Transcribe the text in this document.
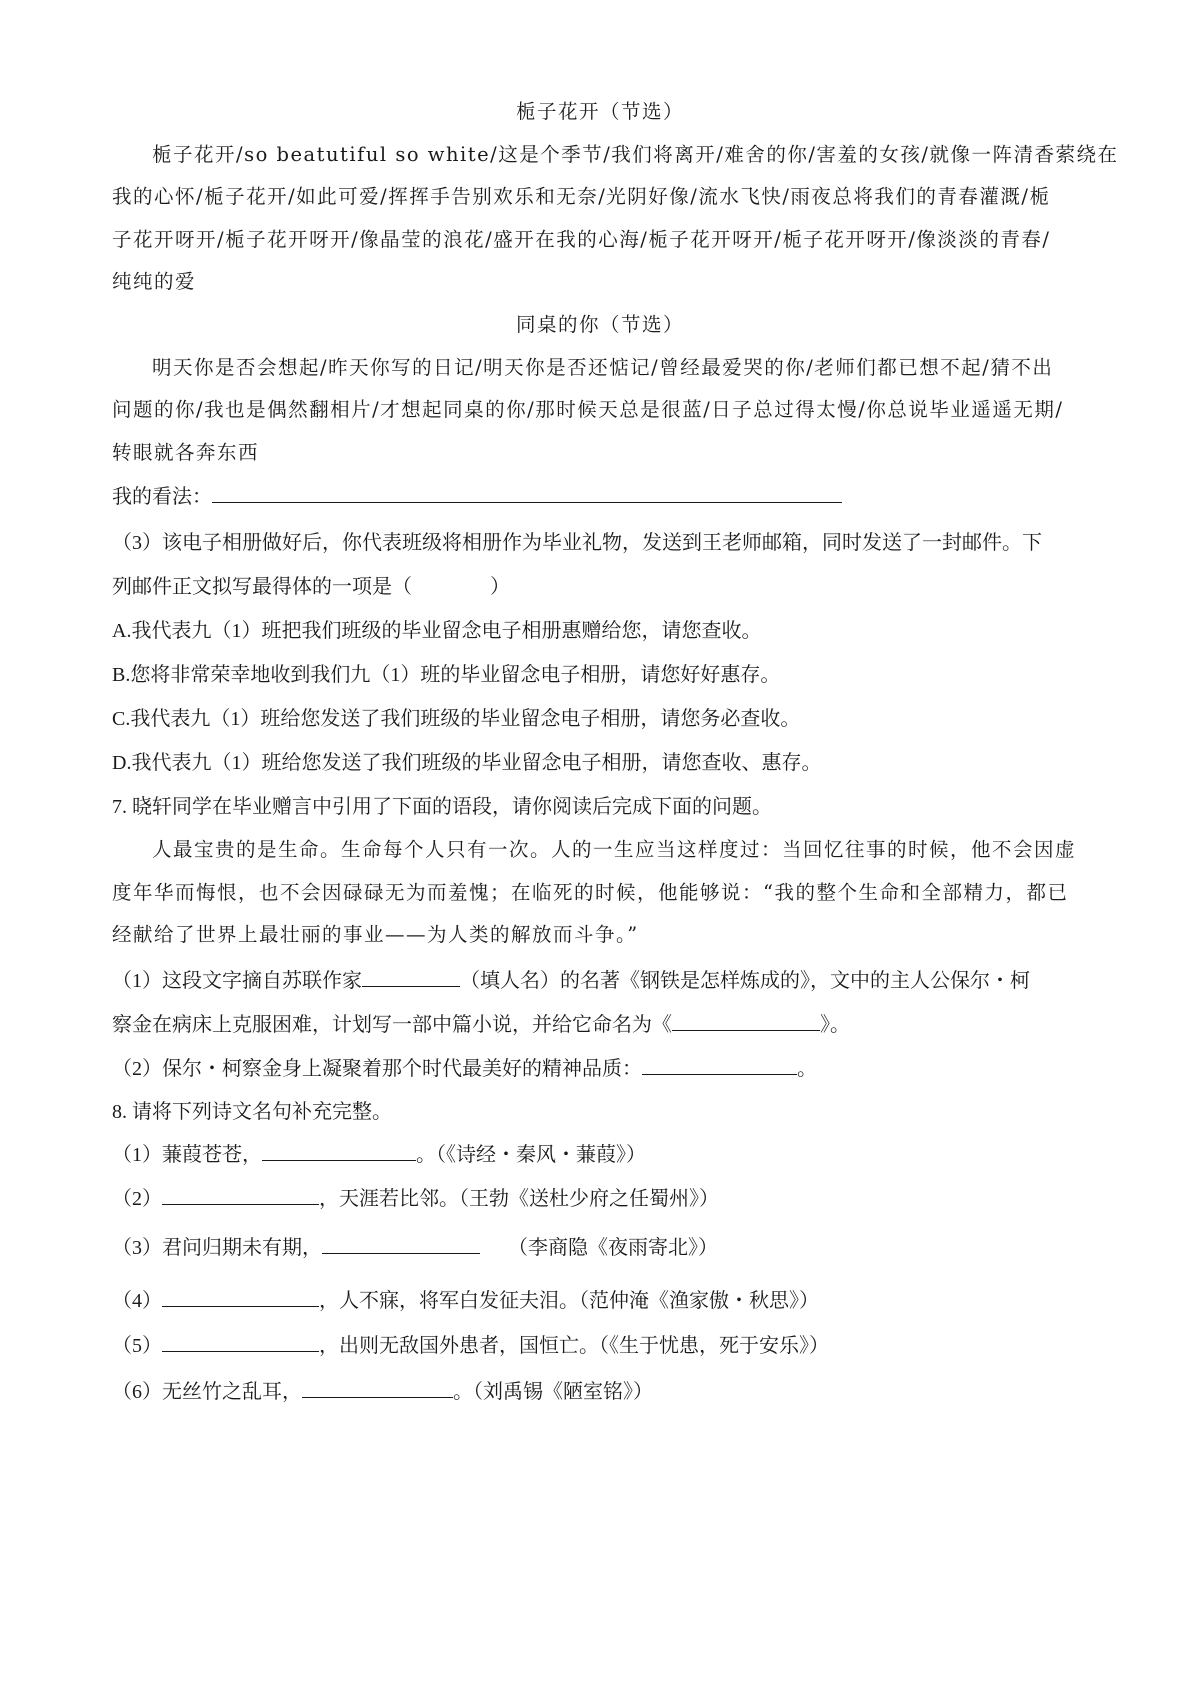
栀子花开（节选）
栀子花开/so beatutiful so white/这是个季节/我们将离开/难舍的你/害羞的女孩/就像一阵清香萦绕在
我的心怀/栀子花开/如此可爱/挥挥手告别欢乐和无奈/光阴好像/流水飞快/雨夜总将我们的青春灌溉/栀
子花开呀开/栀子花开呀开/像晶莹的浪花/盛开在我的心海/栀子花开呀开/栀子花开呀开/像淡淡的青春/
纯纯的爱
同桌的你（节选）
明天你是否会想起/昨天你写的日记/明天你是否还惦记/曾经最爱哭的你/老师们都已想不起/猜不出
问题的你/我也是偶然翻相片/才想起同桌的你/那时候天总是很蓝/日子总过得太慢/你总说毕业遥遥无期/
转眼就各奔东西
我的看法：
（3）该电子相册做好后，你代表班级将相册作为毕业礼物，发送到王老师邮箱，同时发送了一封邮件。下
列邮件正文拟写最得体的一项是（	）
A.我代表九（1）班把我们班级的毕业留念电子相册惠赠给您，请您查收。
B.您将非常荣幸地收到我们九（1）班的毕业留念电子相册，请您好好惠存。
C.我代表九（1）班给您发送了我们班级的毕业留念电子相册，请您务必查收。
D.我代表九（1）班给您发送了我们班级的毕业留念电子相册，请您查收、惠存。
7. 晓轩同学在毕业赠言中引用了下面的语段，请你阅读后完成下面的问题。
人最宝贵的是生命。生命每个人只有一次。人的一生应当这样度过：当回忆往事的时候，他不会因虚
度年华而悔恨，也不会因碌碌无为而羞愧；在临死的时候，他能够说：“我的整个生命和全部精力，都已
经献给了世界上最壮丽的事业——为人类的解放而斗争。”
（1）这段文字摘自苏联作家	（填人名）的名著《钢铁是怎样炼成的》，文中的主人公保尔・柯
察金在病床上克服困难，计划写一部中篇小说，并给它命名为《	》。
（2）保尔・柯察金身上凝聚着那个时代最美好的精神品质：	。
8. 请将下列诗文名句补充完整。
（1）蒹葭苍苍，	。（《诗经・秦风・蒹葭》）
（2）	，天涯若比邻。（王勃《送杜少府之任蜀州》）
（3）君问归期未有期，	（李商隐《夜雨寄北》）
（4）	，人不寐，将军白发征夫泪。（范仲淹《渔家傲・秋思》）
（5）	，出则无敌国外患者，国恒亡。（《生于忧患，死于安乐》）
（6）无丝竹之乱耳，	。（刘禹锡《陋室铭》）
